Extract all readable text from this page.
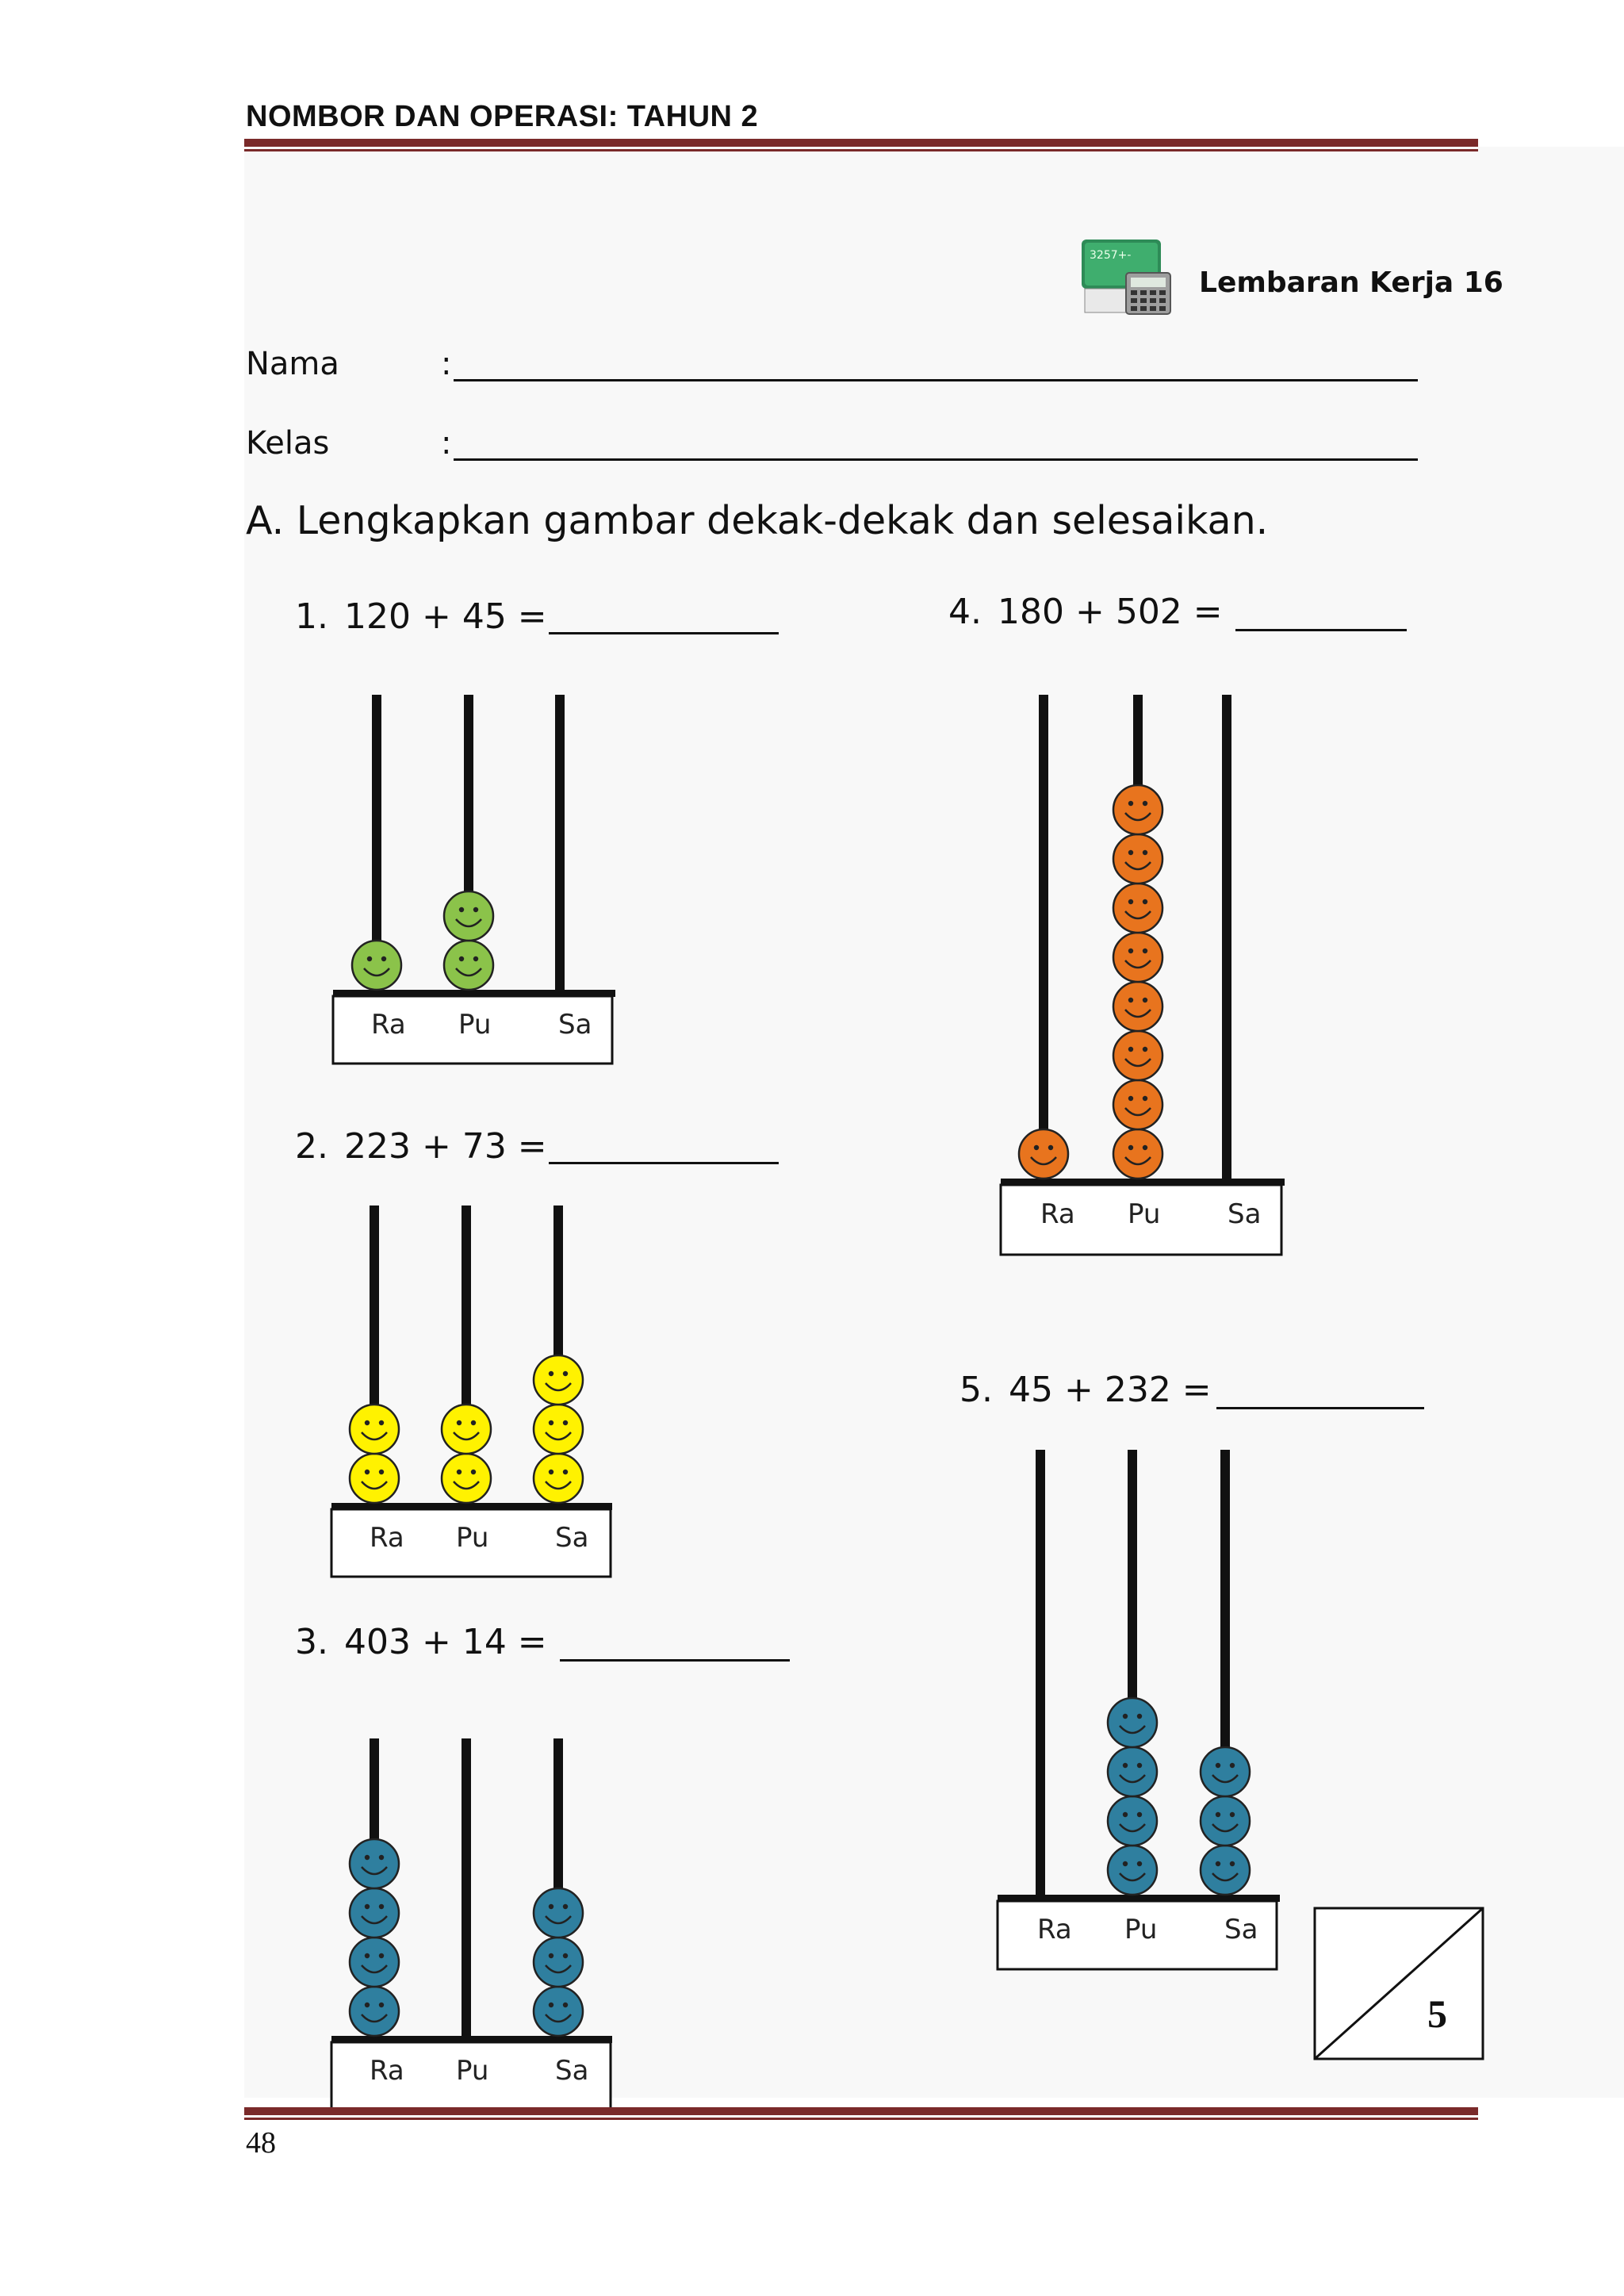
NOMBOR DAN OPERASI: TAHUN 2
3257+-
Lembaran Kerja 16
Nama	:
Kelas	:
A. Lengkapkan gambar dekak-dekak dan selesaikan.
1. 120 + 45 =
2. 223 + 73 =
3. 403 + 14 =
4. 180 + 502 =
5. 45 + 232 =
Ra Pu Sa
Ra Pu Sa
Ra Pu Sa
Ra Pu Sa
Ra Pu Sa
5
48
